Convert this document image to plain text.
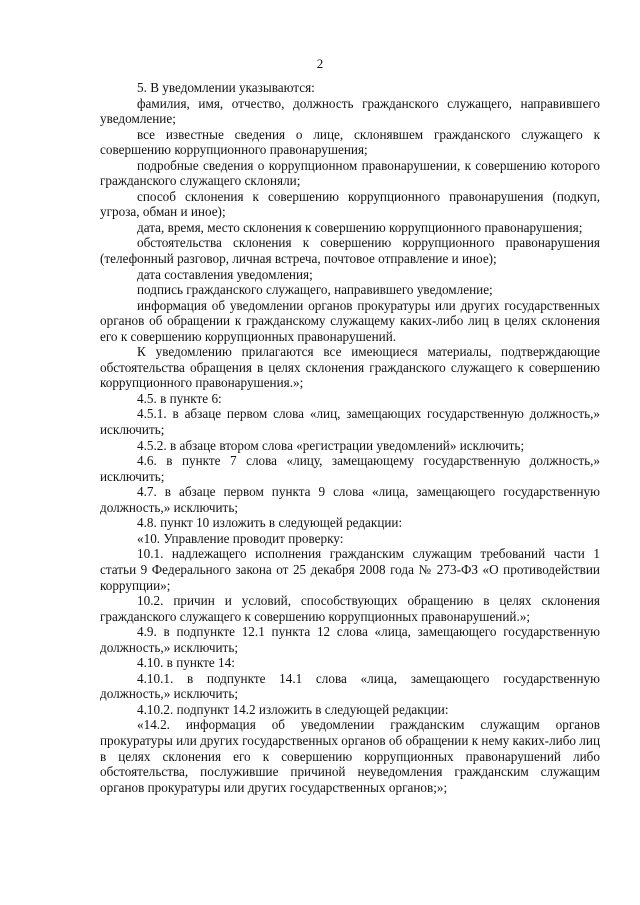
2

5. В уведомлении указываются:

фамилия, имя, отчество, должность гражданского служащего, направившего уведомление;

все известные сведения о лице, склонявшем гражданского служащего к совершению коррупционного правонарушения;

подробные сведения о коррупционном правонарушении, к совершению которого гражданского служащего склоняли;

способ склонения к совершению коррупционного правонарушения (подкуп, угроза, обман и иное);

дата, время, место склонения к совершению коррупционного правонарушения;

обстоятельства склонения к совершению коррупционного правонарушения (телефонный разговор, личная встреча, почтовое отправление и иное);

дата составления уведомления;

подпись гражданского служащего, направившего уведомление;

информация об уведомлении органов прокуратуры или других государственных органов об обращении к гражданскому служащему каких-либо лиц в целях склонения его к совершению коррупционных правонарушений.

К уведомлению прилагаются все имеющиеся материалы, подтверждающие обстоятельства обращения в целях склонения гражданского служащего к совершению коррупционного правонарушения.»;

4.5. в пункте 6:

4.5.1. в абзаце первом слова «лиц, замещающих государственную должность,» исключить;

4.5.2. в абзаце втором слова «регистрации уведомлений» исключить;

4.6. в пункте 7 слова «лицу, замещающему государственную должность,» исключить;

4.7. в абзаце первом пункта 9 слова «лица, замещающего государственную должность,» исключить;

4.8. пункт 10 изложить в следующей редакции:

«10. Управление проводит проверку:

10.1. надлежащего исполнения гражданским служащим требований части 1 статьи 9 Федерального закона от 25 декабря 2008 года № 273-ФЗ «О противодействии коррупции»;

10.2. причин и условий, способствующих обращению в целях склонения гражданского служащего к совершению коррупционных правонарушений.»;

4.9. в подпункте 12.1 пункта 12 слова «лица, замещающего государственную должность,» исключить;

4.10. в пункте 14:

4.10.1. в подпункте 14.1 слова «лица, замещающего государственную должность,» исключить;

4.10.2. подпункт 14.2 изложить в следующей редакции:

«14.2. информация об уведомлении гражданским служащим органов прокуратуры или других государственных органов об обращении к нему каких-либо лиц в целях склонения его к совершению коррупционных правонарушений либо обстоятельства, послужившие причиной неуведомления гражданским служащим органов прокуратуры или других государственных органов;»;
